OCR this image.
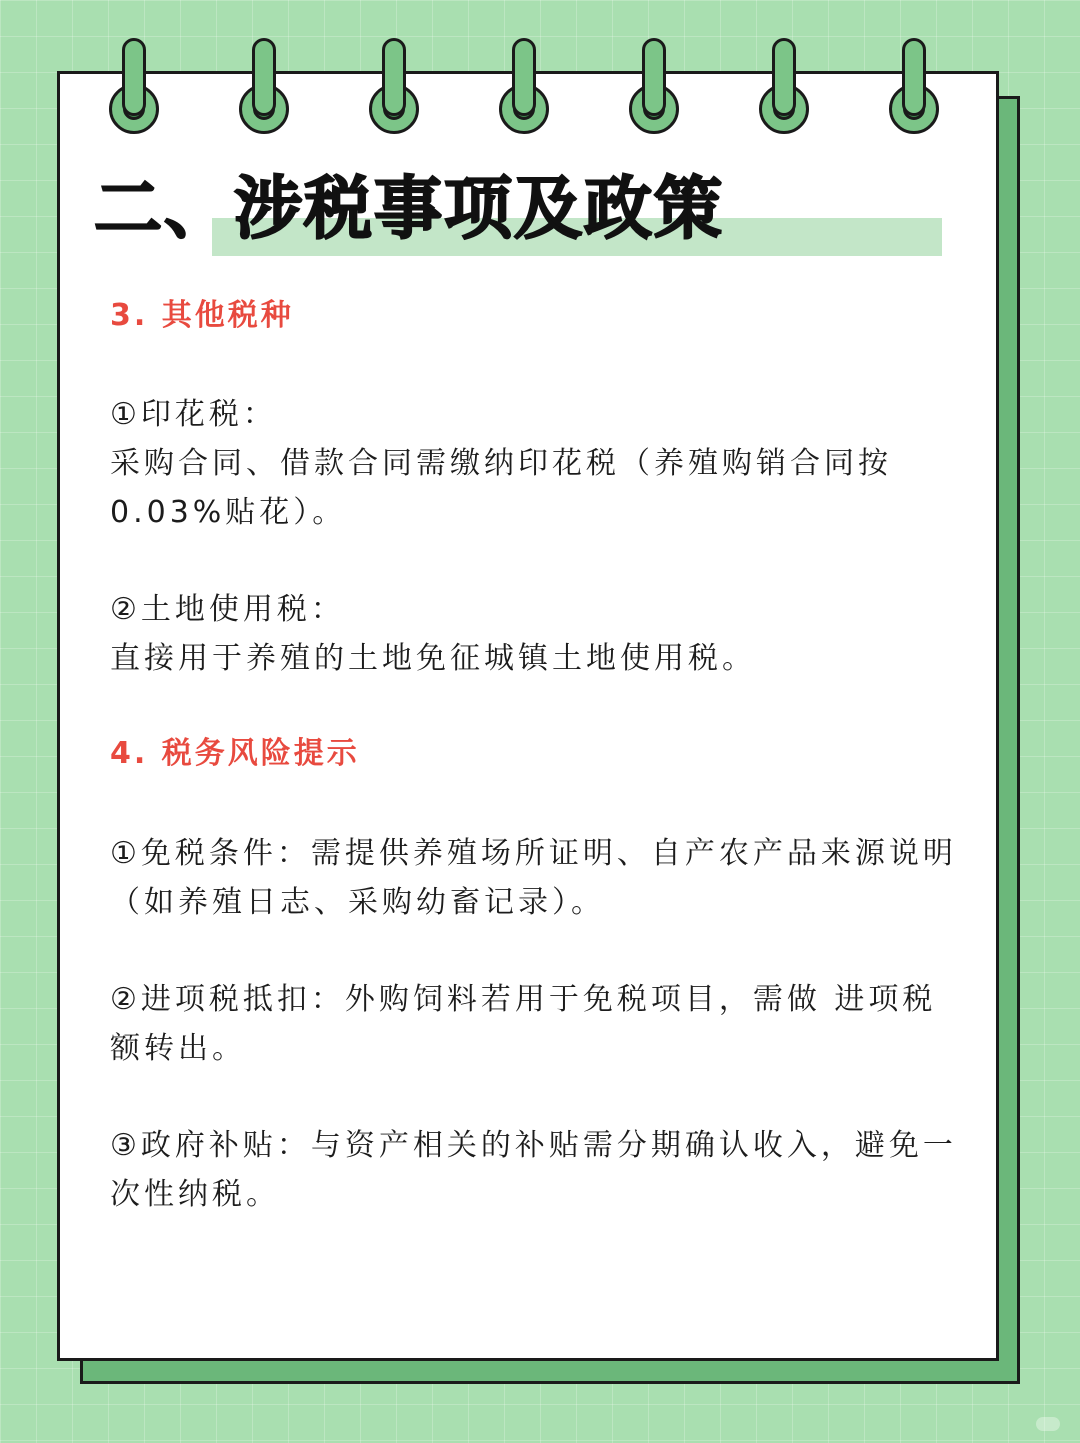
二、涉税事项及政策
3. 其他税种

①印花税：

采购合同、借款合同需缴纳印花税（养殖购销合同按0.03%贴花）。

②土地使用税：

直接用于养殖的土地免征城镇土地使用税。

4. 税务风险提示

①免税条件：需提供养殖场所证明、自产农产品来源说明（如养殖日志、采购幼畜记录）。

②进项税抵扣：外购饲料若用于免税项目，需做 进项税额转出。

③政府补贴：与资产相关的补贴需分期确认收入，避免一次性纳税。
